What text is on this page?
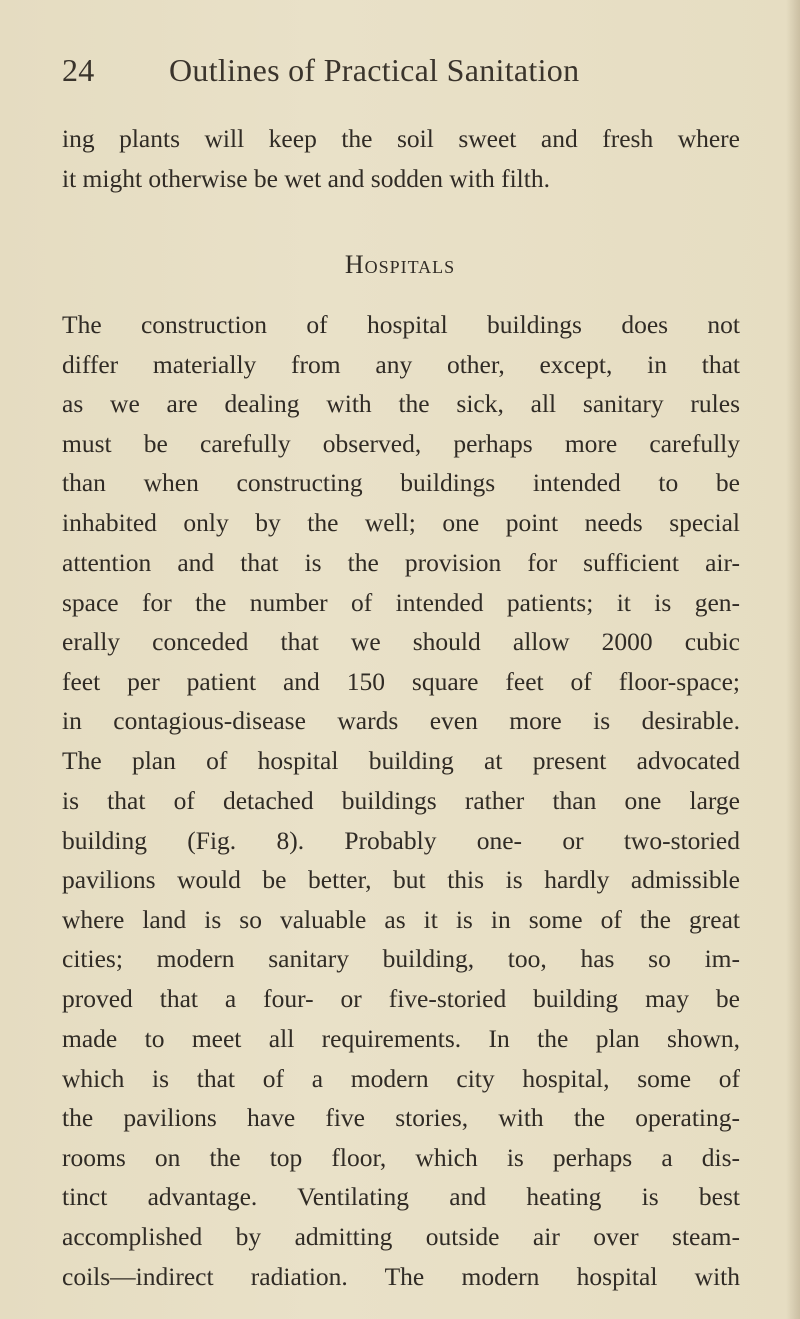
24 Outlines of Practical Sanitation
ing plants will keep the soil sweet and fresh where
it might otherwise be wet and sodden with filth.
Hospitals
The construction of hospital buildings does not
differ materially from any other, except, in that
as we are dealing with the sick, all sanitary rules
must be carefully observed, perhaps more carefully
than when constructing buildings intended to be
inhabited only by the well; one point needs special
attention and that is the provision for sufficient air-
space for the number of intended patients; it is gen-
erally conceded that we should allow 2000 cubic
feet per patient and 150 square feet of floor-space;
in contagious-disease wards even more is desirable.
The plan of hospital building at present advocated
is that of detached buildings rather than one large
building (Fig. 8). Probably one- or two-storied
pavilions would be better, but this is hardly admissible
where land is so valuable as it is in some of the great
cities; modern sanitary building, too, has so im-
proved that a four- or five-storied building may be
made to meet all requirements. In the plan shown,
which is that of a modern city hospital, some of
the pavilions have five stories, with the operating-
rooms on the top floor, which is perhaps a dis-
tinct advantage. Ventilating and heating is best
accomplished by admitting outside air over steam-
coils—indirect radiation. The modern hospital with
